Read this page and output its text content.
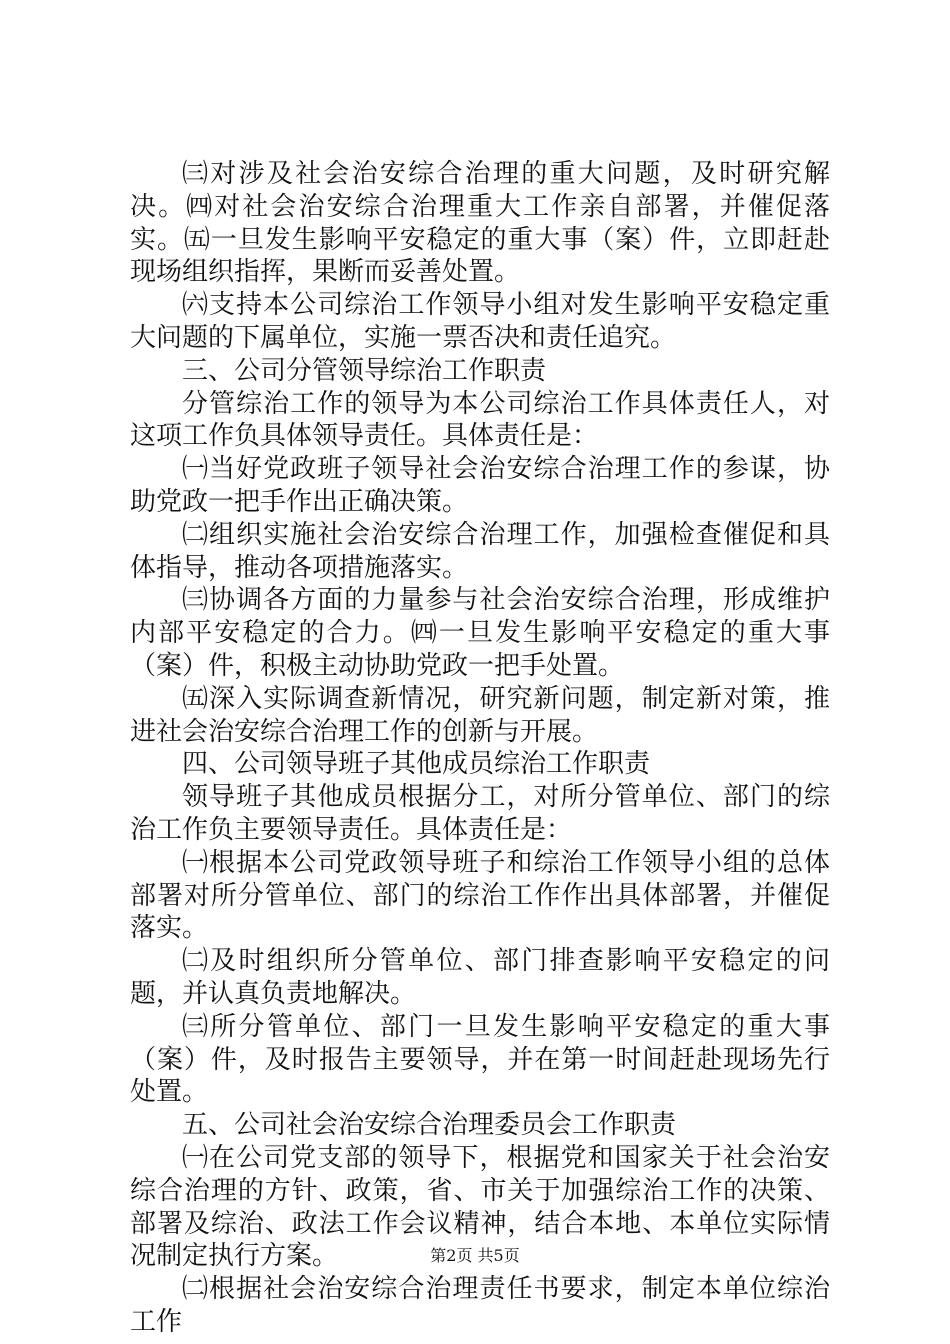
㈢对涉及社会治安综合治理的重大问题，及时研究解决。㈣对社会治安综合治理重大工作亲自部署，并催促落实。㈤一旦发生影响平安稳定的重大事（案）件，立即赶赴现场组织指挥，果断而妥善处置。

㈥支持本公司综治工作领导小组对发生影响平安稳定重大问题的下属单位，实施一票否决和责任追究。

三、公司分管领导综治工作职责

分管综治工作的领导为本公司综治工作具体责任人，对这项工作负具体领导责任。具体责任是：

㈠当好党政班子领导社会治安综合治理工作的参谋，协助党政一把手作出正确决策。

㈡组织实施社会治安综合治理工作，加强检查催促和具体指导，推动各项措施落实。

㈢协调各方面的力量参与社会治安综合治理，形成维护内部平安稳定的合力。㈣一旦发生影响平安稳定的重大事（案）件，积极主动协助党政一把手处置。

㈤深入实际调查新情况，研究新问题，制定新对策，推进社会治安综合治理工作的创新与开展。

四、公司领导班子其他成员综治工作职责

领导班子其他成员根据分工，对所分管单位、部门的综治工作负主要领导责任。具体责任是：

㈠根据本公司党政领导班子和综治工作领导小组的总体部署对所分管单位、部门的综治工作作出具体部署，并催促落实。

㈡及时组织所分管单位、部门排查影响平安稳定的问题，并认真负责地解决。

㈢所分管单位、部门一旦发生影响平安稳定的重大事（案）件，及时报告主要领导，并在第一时间赶赴现场先行处置。

五、公司社会治安综合治理委员会工作职责

㈠在公司党支部的领导下，根据党和国家关于社会治安综合治理的方针、政策，省、市关于加强综治工作的决策、部署及综治、政法工作会议精神，结合本地、本单位实际情况制定执行方案。

㈡根据社会治安综合治理责任书要求，制定本单位综治工作

第2页 共5页
